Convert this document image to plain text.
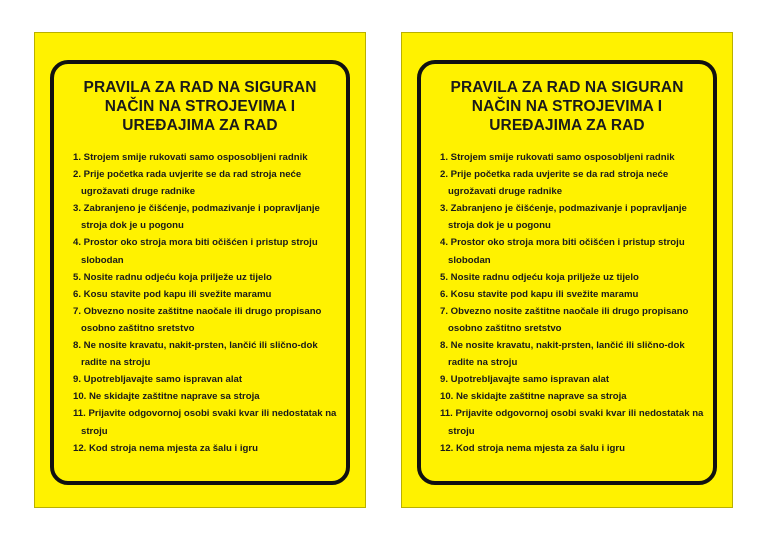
PRAVILA ZA RAD NA SIGURAN
NAČIN NA STROJEVIMA I
UREĐAJIMA ZA RAD
1. Strojem smije rukovati samo osposobljeni radnik
2. Prije početka rada uvjerite se da rad stroja neće ugrožavati druge radnike
3. Zabranjeno je čišćenje, podmazivanje i popravljanje stroja dok je u pogonu
4. Prostor oko stroja mora biti očišćen i pristup stroju slobodan
5. Nosite radnu odjeću koja prilježe uz tijelo
6. Kosu stavite pod kapu ili svežite maramu
7. Obvezno nosite zaštitne naočale ili drugo propisano osobno zaštitno sretstvo
8. Ne nosite kravatu, nakit-prsten, lančić ili slično-dok radite na stroju
9. Upotrebljavajte samo ispravan alat
10. Ne skidajte zaštitne naprave sa stroja
11. Prijavite odgovornoj osobi svaki kvar ili nedostatak na stroju
12. Kod stroja nema mjesta za šalu i igru
PRAVILA ZA RAD NA SIGURAN
NAČIN NA STROJEVIMA I
UREĐAJIMA ZA RAD
1. Strojem smije rukovati samo osposobljeni radnik
2. Prije početka rada uvjerite se da rad stroja neće ugrožavati druge radnike
3. Zabranjeno je čišćenje, podmazivanje i popravljanje stroja dok je u pogonu
4. Prostor oko stroja mora biti očišćen i pristup stroju slobodan
5. Nosite radnu odjeću koja prilježe uz tijelo
6. Kosu stavite pod kapu ili svežite maramu
7. Obvezno nosite zaštitne naočale ili drugo propisano osobno zaštitno sretstvo
8. Ne nosite kravatu, nakit-prsten, lančić ili slično-dok radite na stroju
9. Upotrebljavajte samo ispravan alat
10. Ne skidajte zaštitne naprave sa stroja
11. Prijavite odgovornoj osobi svaki kvar ili nedostatak na stroju
12. Kod stroja nema mjesta za šalu i igru
